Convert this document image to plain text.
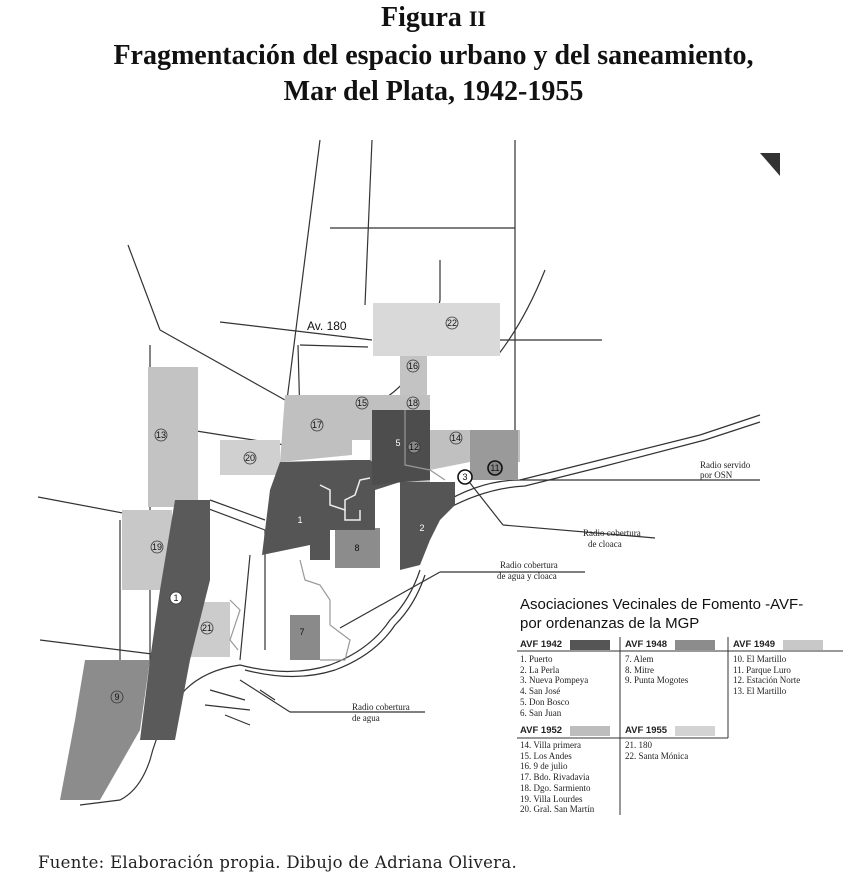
Figura II
Fragmentación del espacio urbano y del saneamiento,
Mar del Plata, 1942-1955
Av. 180
Radio servido
por OSN
Radio cobertura
de cloaca
Radio cobertura
de agua y cloaca
Radio cobertura
de agua
22
16
15	18
17
14
13
20
5 12
3
11
1
2
8
19
1
21	7
9
Asociaciones Vecinales de Fomento -AVF-
por ordenanzas de la MGP
AVF 1942
1. Puerto
2. La Perla
3. Nueva Pompeya
4. San José
5. Don Bosco
6. San Juan
AVF 1948
7. Alem
8. Mitre
9. Punta Mogotes
AVF 1949
10. El Martillo
11. Parque Luro
12. Estación Norte
13. El Martillo
AVF 1952
14. Villa primera
15. Los Andes
16. 9 de julio
17. Bdo. Rivadavia
18. Dgo. Sarmiento
19. Villa Lourdes
20. Gral. San Martín
AVF 1955
21. 180
22. Santa Mónica
Fuente: Elaboración propia. Dibujo de Adriana Olivera.
